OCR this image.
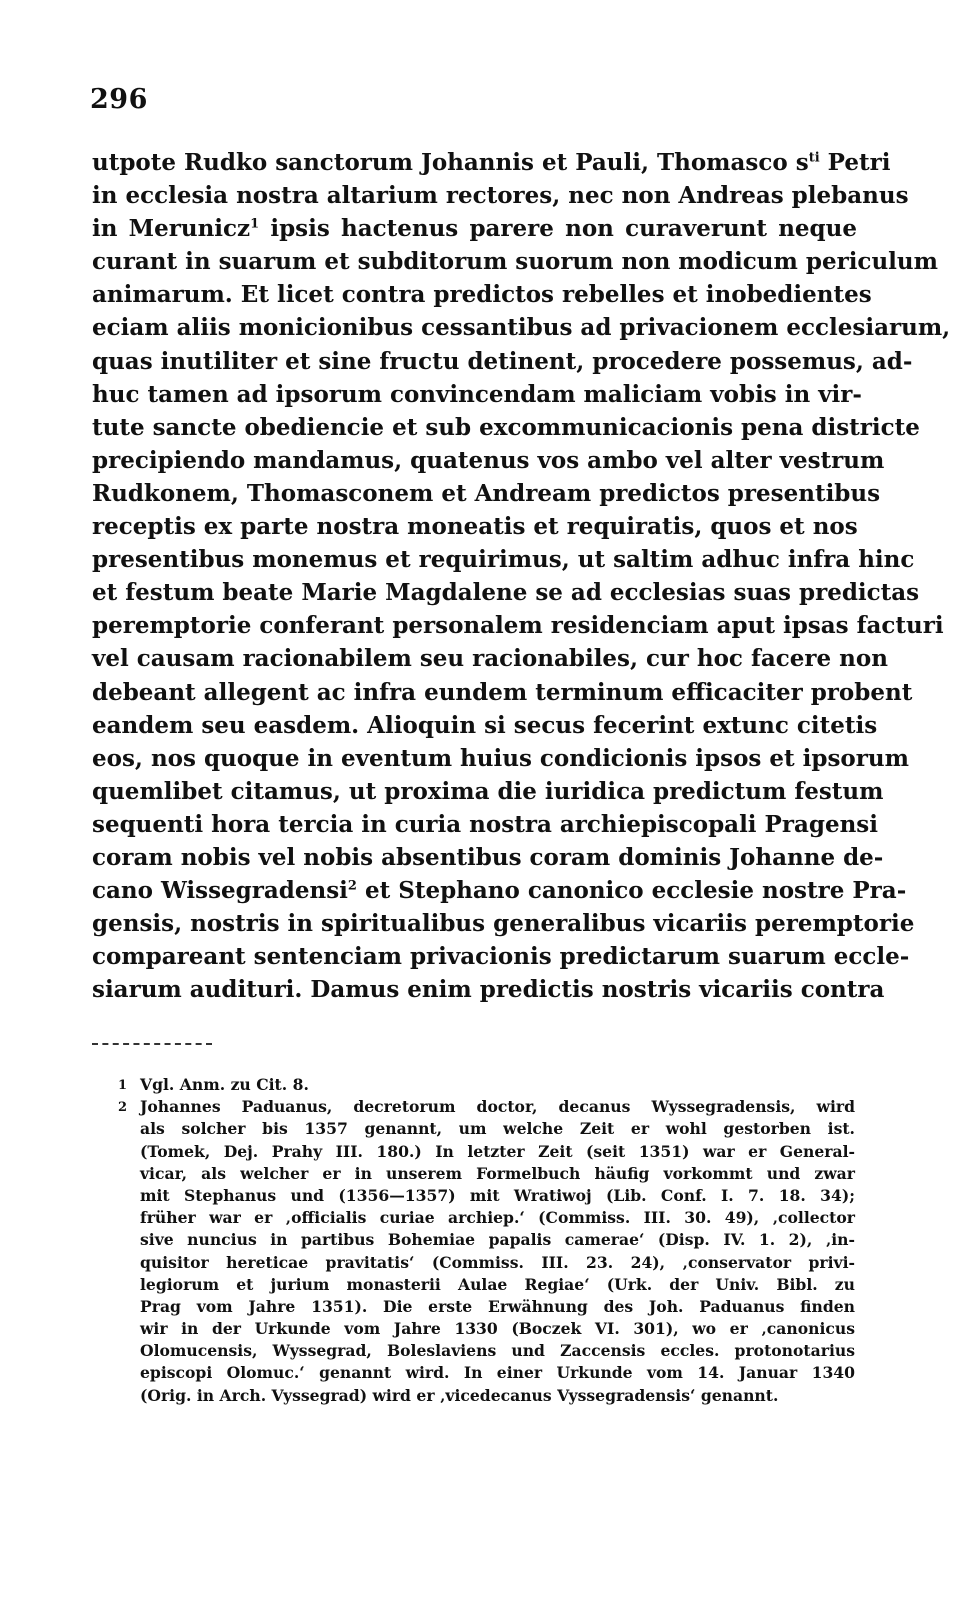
296
utpote Rudko sanctorum Johannis et Pauli, Thomasco $s^{ti}$ Petri
in ecclesia nostra altarium rectores, nec non Andreas plebanus
in Merunicz$^1$ ipsis hactenus parere non curaverunt neque
curant in suarum et subditorum suorum non modicum periculum
animarum. Et licet contra predictos rebelles et inobedientes
eciam aliis monicionibus cessantibus ad privacionem ecclesiarum,
quas inutiliter et sine fructu detinent, procedere possemus, ad-
huc tamen ad ipsorum convincendam maliciam vobis in vir-
tute sancte obediencie et sub excommunicacionis pena districte
precipiendo mandamus, quatenus vos ambo vel alter vestrum
Rudkonem, Thomasconem et Andream predictos presentibus
receptis ex parte nostra moneatis et requiratis, quos et nos
presentibus monemus et requirimus, ut saltim adhuc infra hinc
et festum beate Marie Magdalene se ad ecclesias suas predictas
peremptorie conferant personalem residenciam aput ipsas facturi
vel causam racionabilem seu racionabiles, cur hoc facere non
debeant allegent ac infra eundem terminum efficaciter probent
eandem seu easdem. Alioquin si secus fecerint extunc citetis
eos, nos quoque in eventum huius condicionis ipsos et ipsorum
quemlibet citamus, ut proxima die iuridica predictum festum
sequenti hora tercia in curia nostra archiepiscopali Pragensi
coram nobis vel nobis absentibus coram dominis Johanne de-
cano Wissegradensi$^2$ et Stephano canonico ecclesie nostre Pra-
gensis, nostris in spiritualibus generalibus vicariis peremptorie
compareant sentenciam privacionis predictarum suarum eccle-
siarum audituri. Damus enim predictis nostris vicariis contra
1 Vgl. Anm. zu Cit. 8.
2 Johannes Paduanus, decretorum doctor, decanus Wyssegradensis, wird
als solcher bis 1357 genannt, um welche Zeit er wohl gestorben ist.
(Tomek, Dej. Prahy III. 180.) In letzter Zeit (seit 1351) war er General-
vicar, als welcher er in unserem Formelbuch häufig vorkommt und zwar
mit Stephanus und (1356—1357) mit Wratiwoj (Lib. Conf. I. 7. 18. 34);
früher war er ‚officialis curiae archiep.‘ (Commiss. III. 30. 49), ‚collector
sive nuncius in partibus Bohemiae papalis camerae‘ (Disp. IV. 1. 2), ‚in-
quisitor hereticae pravitatis‘ (Commiss. III. 23. 24), ‚conservator privi-
legiorum et jurium monasterii Aulae Regiae‘ (Urk. der Univ. Bibl. zu
Prag vom Jahre 1351). Die erste Erwähnung des Joh. Paduanus finden
wir in der Urkunde vom Jahre 1330 (Boczek VI. 301), wo er ‚canonicus
Olomucensis, Wyssegrad, Boleslaviens und Zaccensis eccles. protonotarius
episcopi Olomuc.‘ genannt wird. In einer Urkunde vom 14. Januar 1340
(Orig. in Arch. Vyssegrad) wird er ‚vicedecanus Vyssegradensis‘ genannt.
